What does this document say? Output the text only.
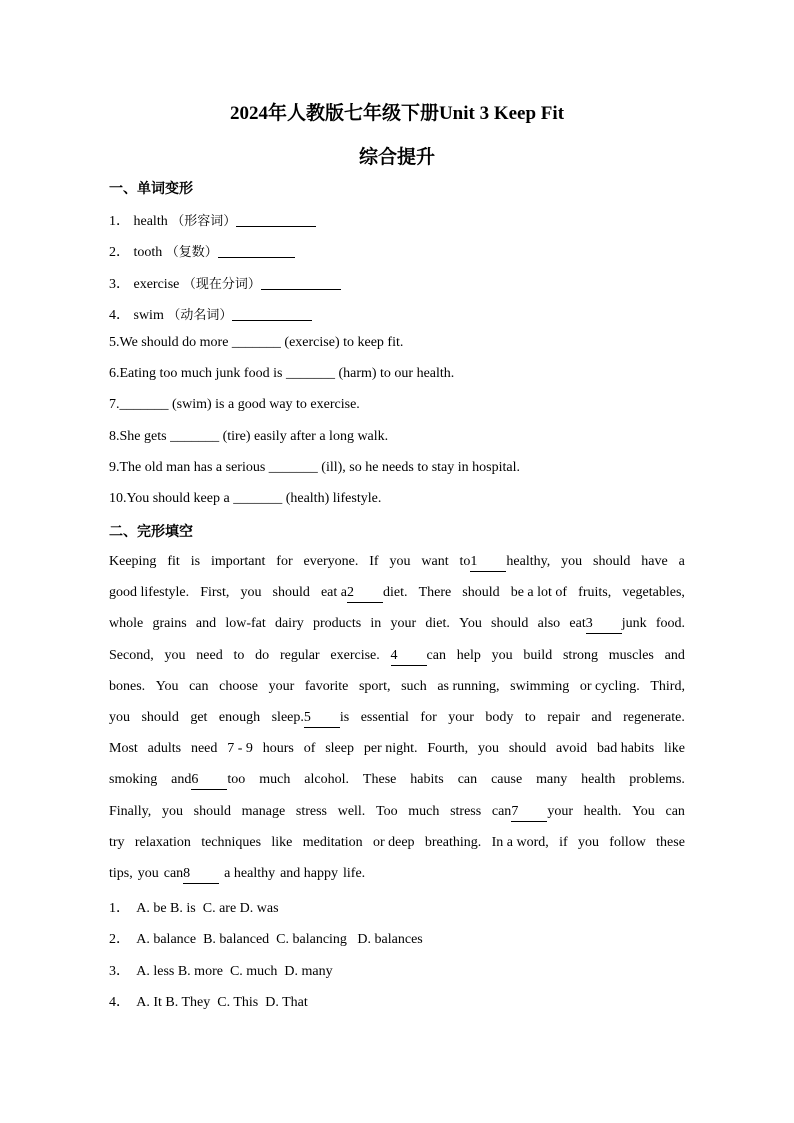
2024年人教版七年级下册Unit 3 Keep Fit
综合提升
一、单词变形
1． health （形容词）
2． tooth （复数）
3． exercise （现在分词）
4． swim （动名词）
5.We should do more _______ (exercise) to keep fit.
6.Eating too much junk food is _______ (harm) to our health.
7._______ (swim) is a good way to exercise.
8.She gets _______ (tire) easily after a long walk.
9.The old man has a serious _______ (ill), so he needs to stay in hospital.
10.You should keep a _______ (health) lifestyle.
二、完形填空
Keeping fit is important for everyone. If you want to1 healthy, you should have a
good lifestyle. First, you should eat a2 diet. There should be a lot of fruits, vegetables,
whole grains and low-fat dairy products in your diet. You should also eat3 junk food.
Second, you need to do regular exercise. 4 can help you build strong muscles and
bones. You can choose your favorite sport, such as running, swimming or cycling. Third,
you should get enough sleep.5 is essential for your body to repair and regenerate.
Most adults need 7 - 9 hours of sleep per night. Fourth, you should avoid bad habits like
smoking and6 too much alcohol. These habits can cause many health problems.
Finally, you should manage stress well. Too much stress can7 your health. You can
try relaxation techniques like meditation or deep breathing. In a word, if you follow these
tips, you can8 a healthy and happy life.
1．  A. be B. is  C. are D. was
2．  A. balance  B. balanced  C. balancing   D. balances
3．  A. less B. more  C. much  D. many
4．  A. It B. They  C. This  D. That
